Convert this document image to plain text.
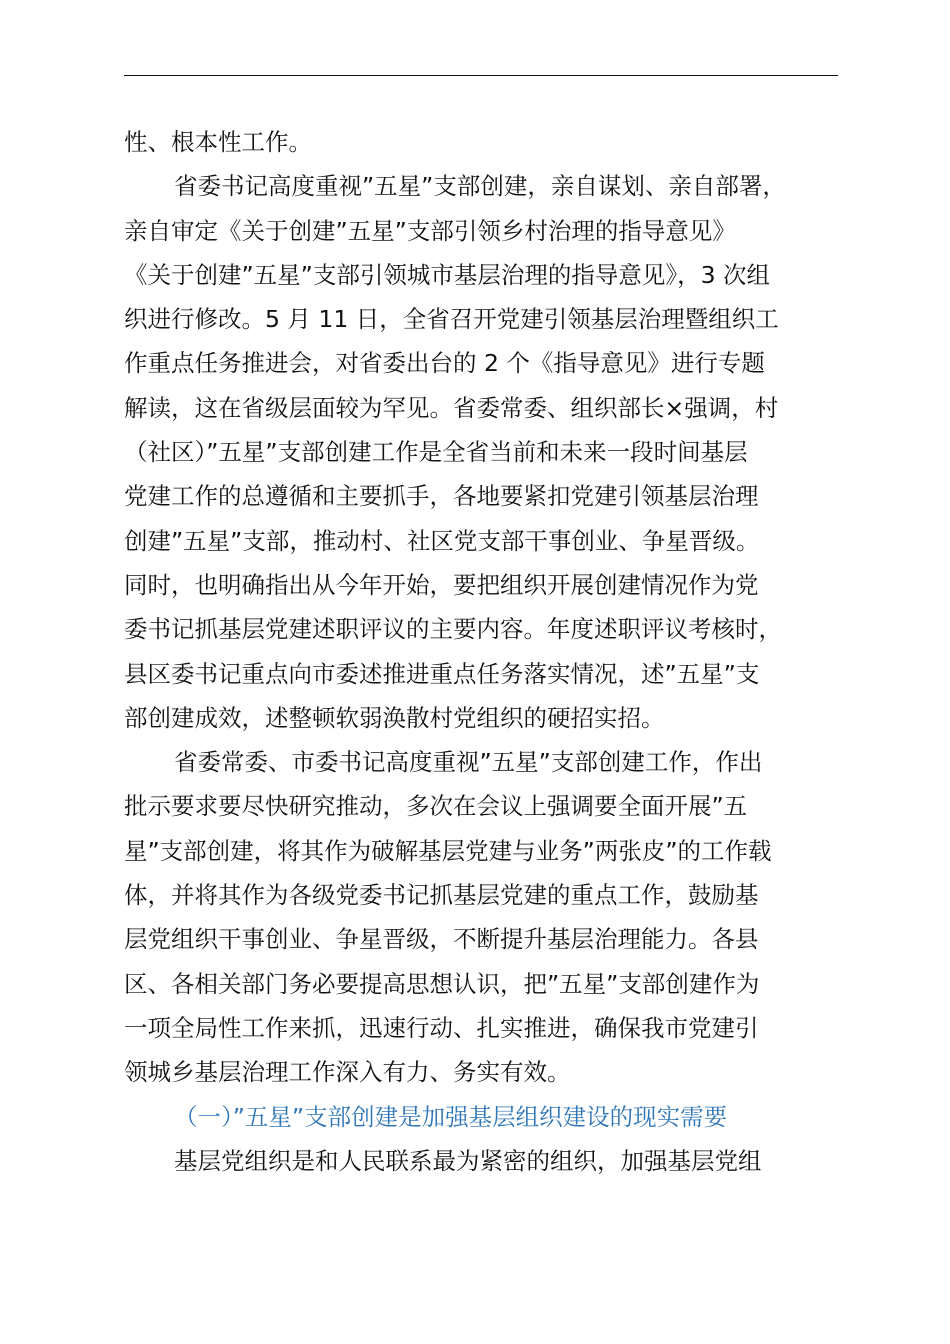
性、根本性工作。
省委书记高度重视”五星”支部创建，亲自谋划、亲自部署，
亲自审定《关于创建”五星”支部引领乡村治理的指导意见》
《关于创建”五星”支部引领城市基层治理的指导意见》，3 次组
织进行修改。5 月 11 日，全省召开党建引领基层治理暨组织工
作重点任务推进会，对省委出台的 2 个《指导意见》进行专题
解读，这在省级层面较为罕见。省委常委、组织部长×强调，村
（社区）”五星”支部创建工作是全省当前和未来一段时间基层
党建工作的总遵循和主要抓手，各地要紧扣党建引领基层治理
创建”五星”支部，推动村、社区党支部干事创业、争星晋级。
同时，也明确指出从今年开始，要把组织开展创建情况作为党
委书记抓基层党建述职评议的主要内容。年度述职评议考核时，
县区委书记重点向市委述推进重点任务落实情况，述”五星”支
部创建成效，述整顿软弱涣散村党组织的硬招实招。
省委常委、市委书记高度重视”五星”支部创建工作，作出
批示要求要尽快研究推动，多次在会议上强调要全面开展”五
星”支部创建，将其作为破解基层党建与业务”两张皮”的工作载
体，并将其作为各级党委书记抓基层党建的重点工作，鼓励基
层党组织干事创业、争星晋级，不断提升基层治理能力。各县
区、各相关部门务必要提高思想认识，把”五星”支部创建作为
一项全局性工作来抓，迅速行动、扎实推进，确保我市党建引
领城乡基层治理工作深入有力、务实有效。
（一）”五星”支部创建是加强基层组织建设的现实需要
基层党组织是和人民联系最为紧密的组织，加强基层党组
